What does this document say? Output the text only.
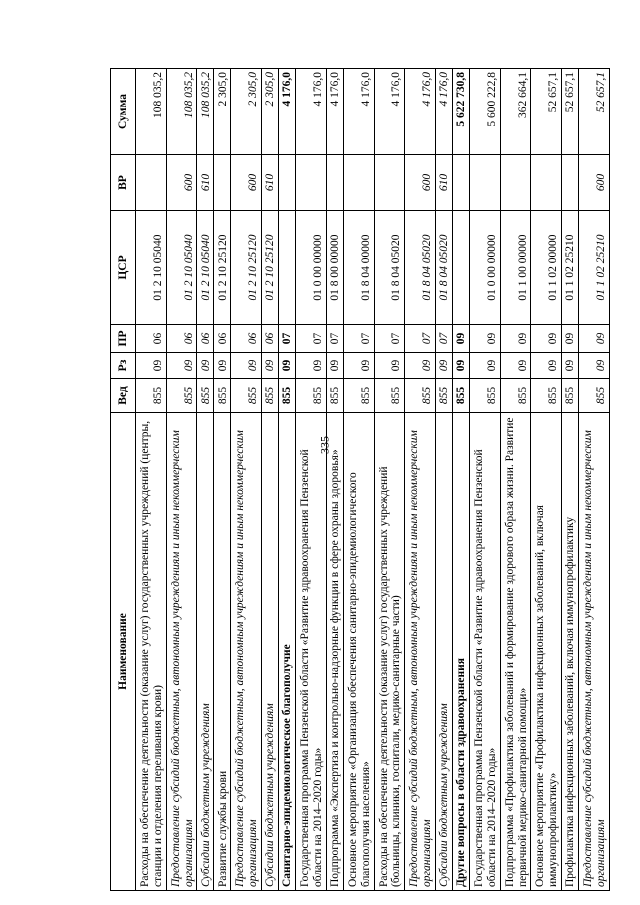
335
Наименование	Вед	Рз	ПР	ЦСР	ВР	Сумма
Расходы на обеспечение деятельности (оказание услуг) государственных учреждений (центры, станции и отделения переливания крови)	855	09	06	01 2 10 05040		108 035,2
Предоставление субсидий бюджетным, автономным учреждениям и иным некоммерческим организациям	855	09	06	01 2 10 05040	600	108 035,2
Субсидии бюджетным учреждениям	855	09	06	01 2 10 05040	610	108 035,2
Развитие службы крови	855	09	06	01 2 10 25120		2 305,0
Предоставление субсидий бюджетным, автономным учреждениям и иным некоммерческим организациям	855	09	06	01 2 10 25120	600	2 305,0
Субсидии бюджетным учреждениям	855	09	06	01 2 10 25120	610	2 305,0
Санитарно-эпидемиологическое благополучие	855	09	07			4 176,0
Государственная программа Пензенской области «Развитие здравоохранения Пензенской области на 2014–2020 годы»	855	09	07	01 0 00 00000		4 176,0
Подпрограмма «Экспертиза и контрольно-надзорные функции в сфере охраны здоровья»	855	09	07	01 8 00 00000		4 176,0
Основное мероприятие «Организация обеспечения санитарно-эпидемиологического благополучия населения»	855	09	07	01 8 04 00000		4 176,0
Расходы на обеспечение деятельности (оказание услуг) государственных учреждений (больницы, клиники, госпитали, медико-санитарные части)	855	09	07	01 8 04 05020		4 176,0
Предоставление субсидий бюджетным, автономным учреждениям и иным некоммерческим организациям	855	09	07	01 8 04 05020	600	4 176,0
Субсидии бюджетным учреждениям	855	09	07	01 8 04 05020	610	4 176,0
Другие вопросы в области здравоохранения	855	09	09			5 622 730,8
Государственная программа Пензенской области «Развитие здравоохранения Пензенской области на 2014–2020 годы»	855	09	09	01 0 00 00000		5 600 222,8
Подпрограмма «Профилактика заболеваний и формирование здорового образа жизни. Развитие первичной медико-санитарной помощи»	855	09	09	01 1 00 00000		362 664,1
Основное мероприятие «Профилактика инфекционных заболеваний, включая иммунопрофилактику»	855	09	09	01 1 02 00000		52 657,1
Профилактика инфекционных заболеваний, включая иммунопрофилактику	855	09	09	01 1 02 25210		52 657,1
Предоставление субсидий бюджетным, автономным учреждениям и иным некоммерческим организациям	855	09	09	01 1 02 25210	600	52 657,1
